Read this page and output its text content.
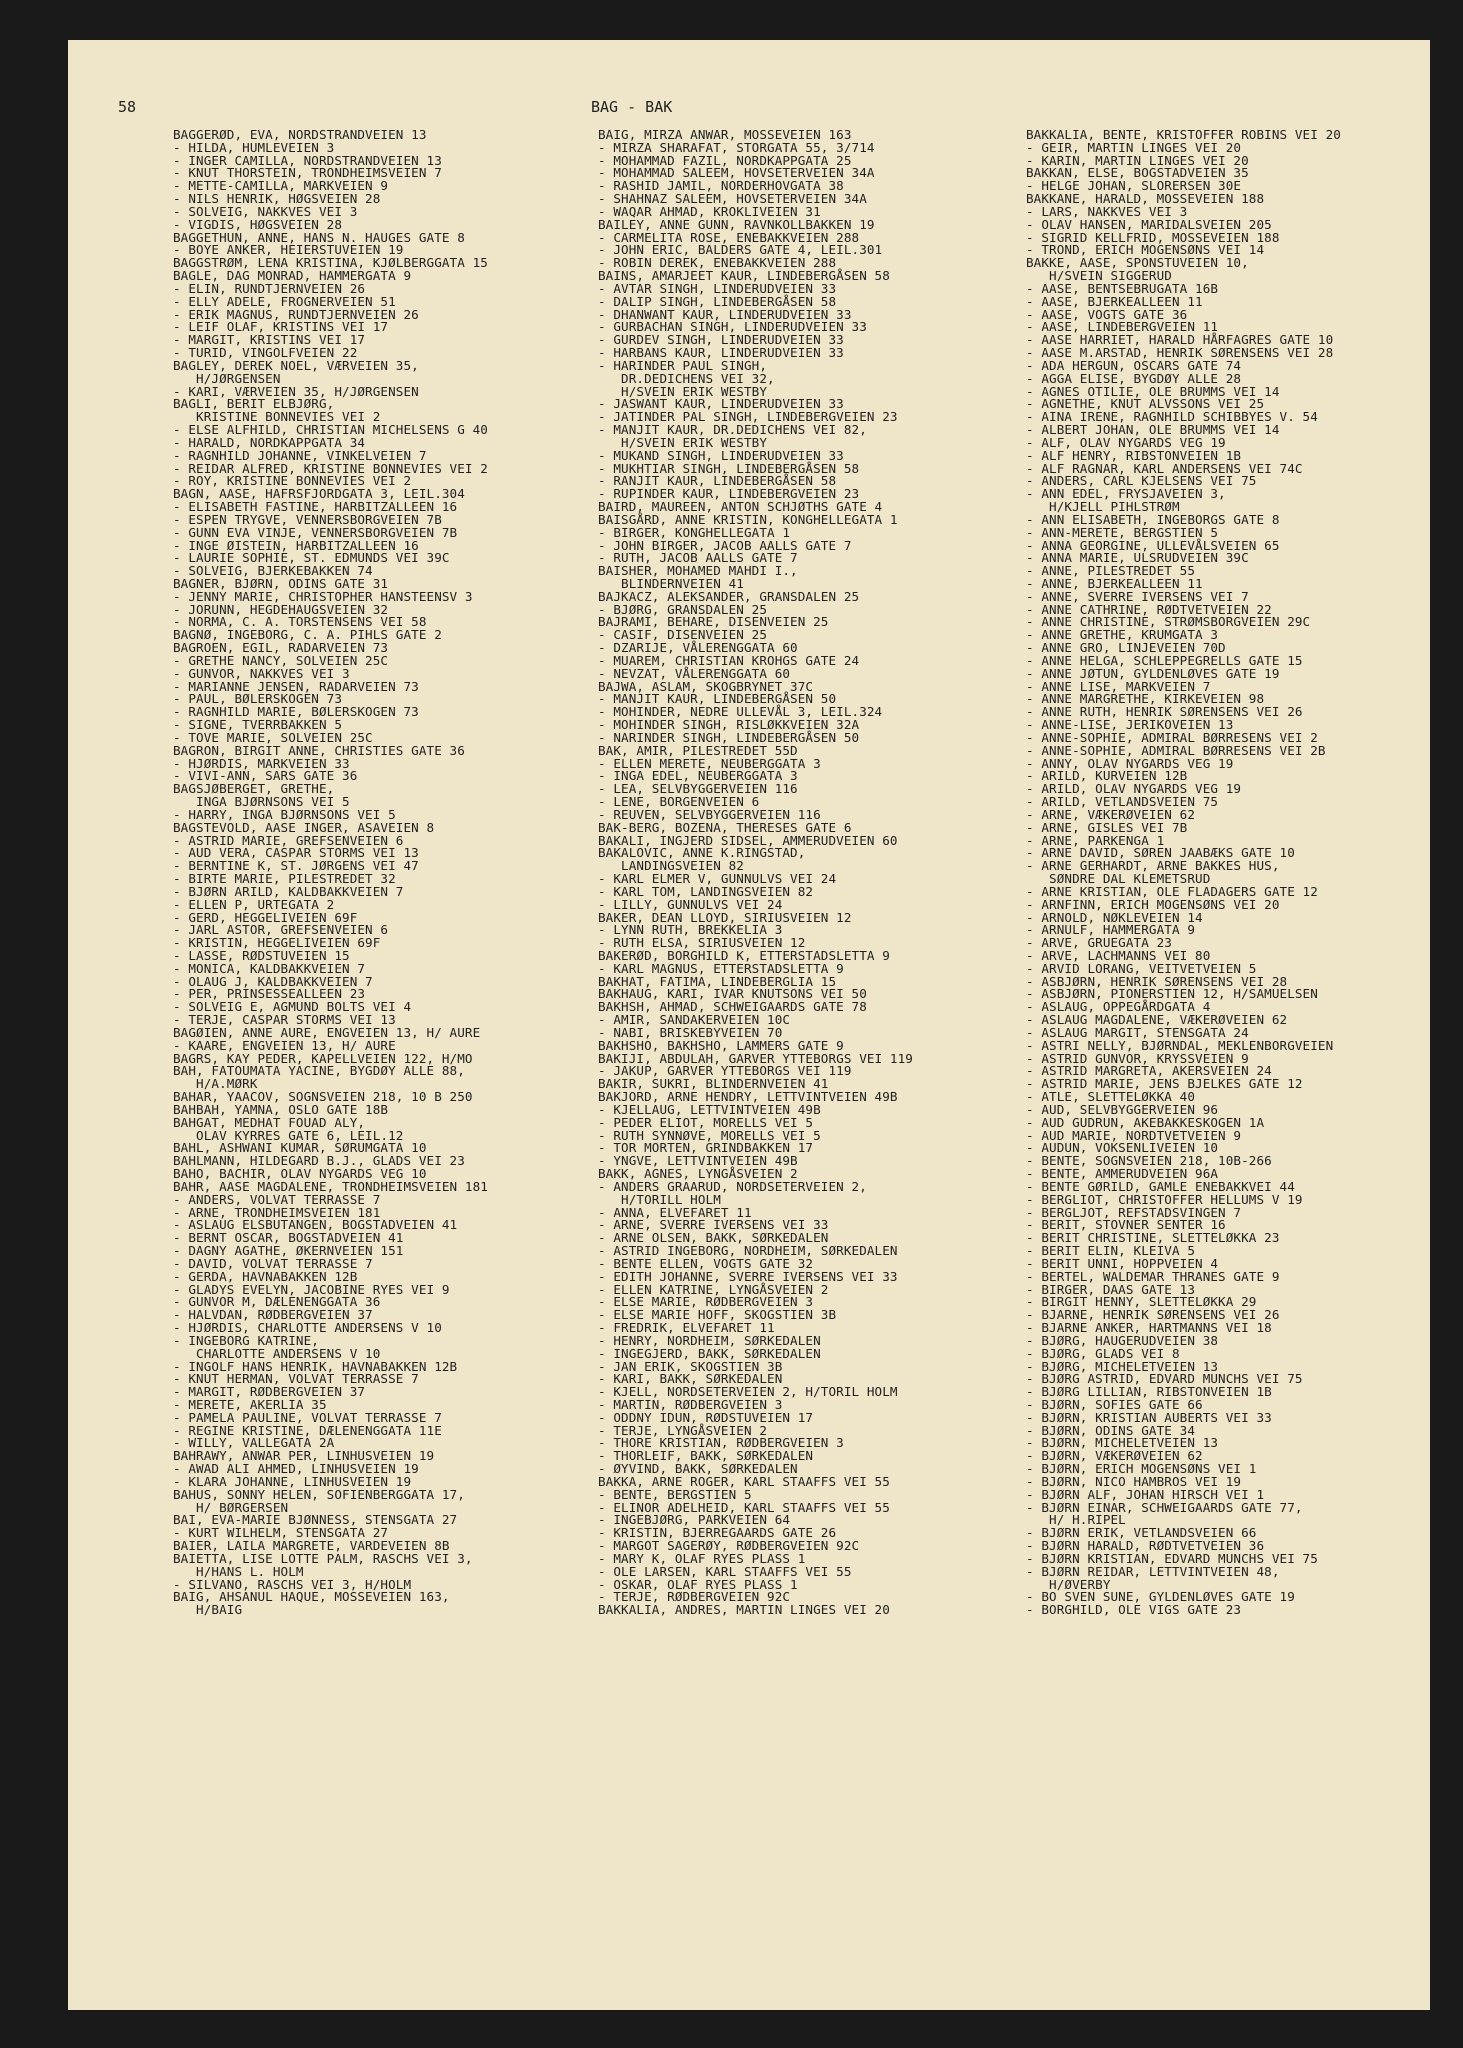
58	BAG - BAK
BAGGERØD, EVA, NORDSTRANDVEIEN 13
- HILDA, HUMLEVEIEN 3
- INGER CAMILLA, NORDSTRANDVEIEN 13
- KNUT THORSTEIN, TRONDHEIMSVEIEN 7
- METTE-CAMILLA, MARKVEIEN 9
- NILS HENRIK, HØGSVEIEN 28
- SOLVEIG, NAKKVES VEI 3
- VIGDIS, HØGSVEIEN 28
BAGGETHUN, ANNE, HANS N. HAUGES GATE 8
- BOYE ANKER, HEIERSTUVEIEN 19
BAGGSTRØM, LENA KRISTINA, KJØLBERGGATA 15
BAGLE, DAG MONRAD, HAMMERGATA 9
- ELIN, RUNDTJERNVEIEN 26
- ELLY ADELE, FROGNERVEIEN 51
- ERIK MAGNUS, RUNDTJERNVEIEN 26
- LEIF OLAF, KRISTINS VEI 17
- MARGIT, KRISTINS VEI 17
- TURID, VINGOLFVEIEN 22
BAGLEY, DEREK NOEL, VÆRVEIEN 35,
H/JØRGENSEN
- KARI, VÆRVEIEN 35, H/JØRGENSEN
BAGLI, BERIT ELBJØRG,
KRISTINE BONNEVIES VEI 2
- ELSE ALFHILD, CHRISTIAN MICHELSENS G 40
- HARALD, NORDKAPPGATA 34
- RAGNHILD JOHANNE, VINKELVEIEN 7
- REIDAR ALFRED, KRISTINE BONNEVIES VEI 2
- ROY, KRISTINE BONNEVIES VEI 2
BAGN, AASE, HAFRSFJORDGATA 3, LEIL.304
- ELISABETH FASTINE, HARBITZALLEEN 16
- ESPEN TRYGVE, VENNERSBORGVEIEN 7B
- GUNN EVA VINJE, VENNERSBORGVEIEN 7B
- INGE ØISTEIN, HARBITZALLEEN 16
- LAURIE SOPHIE, ST. EDMUNDS VEI 39C
- SOLVEIG, BJERKEBAKKEN 74
BAGNER, BJØRN, ODINS GATE 31
- JENNY MARIE, CHRISTOPHER HANSTEENSV 3
- JORUNN, HEGDEHAUGSVEIEN 32
- NORMA, C. A. TORSTENSENS VEI 58
BAGNØ, INGEBORG, C. A. PIHLS GATE 2
BAGROEN, EGIL, RADARVEIEN 73
- GRETHE NANCY, SOLVEIEN 25C
- GUNVOR, NAKKVES VEI 3
- MARIANNE JENSEN, RADARVEIEN 73
- PAUL, BØLERSKOGEN 73
- RAGNHILD MARIE, BØLERSKOGEN 73
- SIGNE, TVERRBAKKEN 5
- TOVE MARIE, SOLVEIEN 25C
BAGRON, BIRGIT ANNE, CHRISTIES GATE 36
- HJØRDIS, MARKVEIEN 33
- VIVI-ANN, SARS GATE 36
BAGSJØBERGET, GRETHE,
INGA BJØRNSONS VEI 5
- HARRY, INGA BJØRNSONS VEI 5
BAGSTEVOLD, AASE INGER, ASAVEIEN 8
- ASTRID MARIE, GREFSENVEIEN 6
- AUD VERA, CASPAR STORMS VEI 13
- BERNTINE K, ST. JØRGENS VEI 47
- BIRTE MARIE, PILESTREDET 32
- BJØRN ARILD, KALDBAKKVEIEN 7
- ELLEN P, URTEGATA 2
- GERD, HEGGELIVEIEN 69F
- JARL ASTOR, GREFSENVEIEN 6
- KRISTIN, HEGGELIVEIEN 69F
- LASSE, RØDSTUVEIEN 15
- MONICA, KALDBAKKVEIEN 7
- OLAUG J, KALDBAKKVEIEN 7
- PER, PRINSESSEALLEEN 23
- SOLVEIG E, AGMUND BOLTS VEI 4
- TERJE, CASPAR STORMS VEI 13
BAGØIEN, ANNE AURE, ENGVEIEN 13, H/ AURE
- KAARE, ENGVEIEN 13, H/ AURE
BAGRS, KAY PEDER, KAPELLVEIEN 122, H/MO
BAH, FATOUMATA YACINE, BYGDØY ALLE 88,
H/A.MØRK
BAHAR, YAACOV, SOGNSVEIEN 218, 10 B 250
BAHBAH, YAMNA, OSLO GATE 18B
BAHGAT, MEDHAT FOUAD ALY,
OLAV KYRRES GATE 6, LEIL.12
BAHL, ASHWANI KUMAR, SØRUMGATA 10
BAHLMANN, HILDEGARD B.J., GLADS VEI 23
BAHO, BACHIR, OLAV NYGARDS VEG 10
BAHR, AASE MAGDALENE, TRONDHEIMSVEIEN 181
- ANDERS, VOLVAT TERRASSE 7
- ARNE, TRONDHEIMSVEIEN 181
- ASLAUG ELSBUTANGEN, BOGSTADVEIEN 41
- BERNT OSCAR, BOGSTADVEIEN 41
- DAGNY AGATHE, ØKERNVEIEN 151
- DAVID, VOLVAT TERRASSE 7
- GERDA, HAVNABAKKEN 12B
- GLADYS EVELYN, JACOBINE RYES VEI 9
- GUNVOR M, DÆLENENGGATA 36
- HALVDAN, RØDBERGVEIEN 37
- HJØRDIS, CHARLOTTE ANDERSENS V 10
- INGEBORG KATRINE,
CHARLOTTE ANDERSENS V 10
- INGOLF HANS HENRIK, HAVNABAKKEN 12B
- KNUT HERMAN, VOLVAT TERRASSE 7
- MARGIT, RØDBERGVEIEN 37
- MERETE, AKERLIA 35
- PAMELA PAULINE, VOLVAT TERRASSE 7
- REGINE KRISTINE, DÆLENENGGATA 11E
- WILLY, VALLEGATA 2A
BAHRAWY, ANWAR PER, LINHUSVEIEN 19
- AWAD ALI AHMED, LINHUSVEIEN 19
- KLARA JOHANNE, LINHUSVEIEN 19
BAHUS, SONNY HELEN, SOFIENBERGGATA 17,
H/ BØRGERSEN
BAI, EVA-MARIE BJØNNESS, STENSGATA 27
- KURT WILHELM, STENSGATA 27
BAIER, LAILA MARGRETE, VARDEVEIEN 8B
BAIETTA, LISE LOTTE PALM, RASCHS VEI 3,
H/HANS L. HOLM
- SILVANO, RASCHS VEI 3, H/HOLM
BAIG, AHSANUL HAQUE, MOSSEVEIEN 163,
H/BAIG
BAIG, MIRZA ANWAR, MOSSEVEIEN 163
- MIRZA SHARAFAT, STORGATA 55, 3/714
- MOHAMMAD FAZIL, NORDKAPPGATA 25
- MOHAMMAD SALEEM, HOVSETERVEIEN 34A
- RASHID JAMIL, NORDERHOVGATA 38
- SHAHNAZ SALEEM, HOVSETERVEIEN 34A
- WAQAR AHMAD, KROKLIVEIEN 31
BAILEY, ANNE GUNN, RAVNKOLLBAKKEN 19
- CARMELITA ROSE, ENEBAKKVEIEN 288
- JOHN ERIC, BALDERS GATE 4, LEIL.301
- ROBIN DEREK, ENEBAKKVEIEN 288
BAINS, AMARJEET KAUR, LINDEBERGÅSEN 58
- AVTAR SINGH, LINDERUDVEIEN 33
- DALIP SINGH, LINDEBERGÅSEN 58
- DHANWANT KAUR, LINDERUDVEIEN 33
- GURBACHAN SINGH, LINDERUDVEIEN 33
- GURDEV SINGH, LINDERUDVEIEN 33
- HARBANS KAUR, LINDERUDVEIEN 33
- HARINDER PAUL SINGH,
DR.DEDICHENS VEI 32,
H/SVEIN ERIK WESTBY
- JASWANT KAUR, LINDERUDVEIEN 33
- JATINDER PAL SINGH, LINDEBERGVEIEN 23
- MANJIT KAUR, DR.DEDICHENS VEI 82,
H/SVEIN ERIK WESTBY
- MUKAND SINGH, LINDERUDVEIEN 33
- MUKHTIAR SINGH, LINDEBERGÅSEN 58
- RANJIT KAUR, LINDEBERGÅSEN 58
- RUPINDER KAUR, LINDEBERGVEIEN 23
BAIRD, MAUREEN, ANTON SCHJØTHS GATE 4
BAISGÅRD, ANNE KRISTIN, KONGHELLEGATA 1
- BIRGER, KONGHELLEGATA 1
- JOHN BIRGER, JACOB AALLS GATE 7
- RUTH, JACOB AALLS GATE 7
BAISHER, MOHAMED MAHDI I.,
BLINDERNVEIEN 41
BAJKACZ, ALEKSANDER, GRANSDALEN 25
- BJØRG, GRANSDALEN 25
BAJRAMI, BEHARE, DISENVEIEN 25
- CASIF, DISENVEIEN 25
- DZARIJE, VÅLERENGGATA 60
- MUAREM, CHRISTIAN KROHGS GATE 24
- NEVZAT, VÅLERENGGATA 60
BAJWA, ASLAM, SKOGBRYNET 37C
- MANJIT KAUR, LINDEBERGÅSEN 50
- MOHINDER, NEDRE ULLEVÅL 3, LEIL.324
- MOHINDER SINGH, RISLØKKVEIEN 32A
- NARINDER SINGH, LINDEBERGÅSEN 50
BAK, AMIR, PILESTREDET 55D
- ELLEN MERETE, NEUBERGGATA 3
- INGA EDEL, NEUBERGGATA 3
- LEA, SELVBYGGERVEIEN 116
- LENE, BORGENVEIEN 6
- REUVEN, SELVBYGGERVEIEN 116
BAK-BERG, BOZENA, THERESES GATE 6
BAKALI, INGJERD SIDSEL, AMMERUDVEIEN 60
BAKALOVIC, ANNE K.RINGSTAD,
LANDINGSVEIEN 82
- KARL ELMER V, GUNNULVS VEI 24
- KARL TOM, LANDINGSVEIEN 82
- LILLY, GUNNULVS VEI 24
BAKER, DEAN LLOYD, SIRIUSVEIEN 12
- LYNN RUTH, BREKKELIA 3
- RUTH ELSA, SIRIUSVEIEN 12
BAKERØD, BORGHILD K, ETTERSTADSLETTA 9
- KARL MAGNUS, ETTERSTADSLETTA 9
BAKHAT, FATIMA, LINDEBERGLIA 15
BAKHAUG, KARI, IVAR KNUTSONS VEI 50
BAKHSH, AHMAD, SCHWEIGAARDS GATE 78
- AMIR, SANDAKERVEIEN 10C
- NABI, BRISKEBYVEIEN 70
BAKHSHO, BAKHSHO, LAMMERS GATE 9
BAKIJI, ABDULAH, GARVER YTTEBORGS VEI 119
- JAKUP, GARVER YTTEBORGS VEI 119
BAKIR, SUKRI, BLINDERNVEIEN 41
BAKJORD, ARNE HENDRY, LETTVINTVEIEN 49B
- KJELLAUG, LETTVINTVEIEN 49B
- PEDER ELIOT, MORELLS VEI 5
- RUTH SYNNØVE, MORELLS VEI 5
- TOR MORTEN, GRINDBAKKEN 17
- YNGVE, LETTVINTVEIEN 49B
BAKK, AGNES, LYNGÅSVEIEN 2
- ANDERS GRAARUD, NORDSETERVEIEN 2,
H/TORILL HOLM
- ANNA, ELVEFARET 11
- ARNE, SVERRE IVERSENS VEI 33
- ARNE OLSEN, BAKK, SØRKEDALEN
- ASTRID INGEBORG, NORDHEIM, SØRKEDALEN
- BENTE ELLEN, VOGTS GATE 32
- EDITH JOHANNE, SVERRE IVERSENS VEI 33
- ELLEN KATRINE, LYNGÅSVEIEN 2
- ELSE MARIE, RØDBERGVEIEN 3
- ELSE MARIE HOFF, SKOGSTIEN 3B
- FREDRIK, ELVEFARET 11
- HENRY, NORDHEIM, SØRKEDALEN
- INGEGJERD, BAKK, SØRKEDALEN
- JAN ERIK, SKOGSTIEN 3B
- KARI, BAKK, SØRKEDALEN
- KJELL, NORDSETERVEIEN 2, H/TORIL HOLM
- MARTIN, RØDBERGVEIEN 3
- ODDNY IDUN, RØDSTUVEIEN 17
- TERJE, LYNGÅSVEIEN 2
- THORE KRISTIAN, RØDBERGVEIEN 3
- THORLEIF, BAKK, SØRKEDALEN
- ØYVIND, BAKK, SØRKEDALEN
BAKKA, ARNE ROGER, KARL STAAFFS VEI 55
- BENTE, BERGSTIEN 5
- ELINOR ADELHEID, KARL STAAFFS VEI 55
- INGEBJØRG, PARKVEIEN 64
- KRISTIN, BJERREGAARDS GATE 26
- MARGOT SAGERØY, RØDBERGVEIEN 92C
- MARY K, OLAF RYES PLASS 1
- OLE LARSEN, KARL STAAFFS VEI 55
- OSKAR, OLAF RYES PLASS 1
- TERJE, RØDBERGVEIEN 92C
BAKKALIA, ANDRES, MARTIN LINGES VEI 20
BAKKALIA, BENTE, KRISTOFFER ROBINS VEI 20
- GEIR, MARTIN LINGES VEI 20
- KARIN, MARTIN LINGES VEI 20
BAKKAN, ELSE, BOGSTADVEIEN 35
- HELGE JOHAN, SLORERSEN 30E
BAKKANE, HARALD, MOSSEVEIEN 188
- LARS, NAKKVES VEI 3
- OLAV HANSEN, MARIDALSVEIEN 205
- SIGRID KELLFRID, MOSSEVEIEN 188
- TROND, ERICH MOGENSØNS VEI 14
BAKKE, AASE, SPONSTUVEIEN 10,
H/SVEIN SIGGERUD
- AASE, BENTSEBRUGATA 16B
- AASE, BJERKEALLEEN 11
- AASE, VOGTS GATE 36
- AASE, LINDEBERGVEIEN 11
- AASE HARRIET, HARALD HÅRFAGRES GATE 10
- AASE M.ARSTAD, HENRIK SØRENSENS VEI 28
- ADA HERGUN, OSCARS GATE 74
- AGGA ELISE, BYGDØY ALLE 28
- AGNES OTILIE, OLE BRUMMS VEI 14
- AGNETHE, KNUT ALVSSONS VEI 25
- AINA IRENE, RAGNHILD SCHIBBYES V. 54
- ALBERT JOHAN, OLE BRUMMS VEI 14
- ALF, OLAV NYGARDS VEG 19
- ALF HENRY, RIBSTONVEIEN 1B
- ALF RAGNAR, KARL ANDERSENS VEI 74C
- ANDERS, CARL KJELSENS VEI 75
- ANN EDEL, FRYSJAVEIEN 3,
H/KJELL PIHLSTRØM
- ANN ELISABETH, INGEBORGS GATE 8
- ANN-MERETE, BERGSTIEN 5
- ANNA GEORGINE, ULLEVÅLSVEIEN 65
- ANNA MARIE, ULSRUDVEIEN 39C
- ANNE, PILESTREDET 55
- ANNE, BJERKEALLEEN 11
- ANNE, SVERRE IVERSENS VEI 7
- ANNE CATHRINE, RØDTVETVEIEN 22
- ANNE CHRISTINE, STRØMSBORGVEIEN 29C
- ANNE GRETHE, KRUMGATA 3
- ANNE GRO, LINJEVEIEN 70D
- ANNE HELGA, SCHLEPPEGRELLS GATE 15
- ANNE JØTUN, GYLDENLØVES GATE 19
- ANNE LISE, MARKVEIEN 7
- ANNE MARGRETHE, KIRKEVEIEN 98
- ANNE RUTH, HENRIK SØRENSENS VEI 26
- ANNE-LISE, JERIKOVEIEN 13
- ANNE-SOPHIE, ADMIRAL BØRRESENS VEI 2
- ANNE-SOPHIE, ADMIRAL BØRRESENS VEI 2B
- ANNY, OLAV NYGARDS VEG 19
- ARILD, KURVEIEN 12B
- ARILD, OLAV NYGARDS VEG 19
- ARILD, VETLANDSVEIEN 75
- ARNE, VÆKERØVEIEN 62
- ARNE, GISLES VEI 7B
- ARNE, PARKENGA 1
- ARNE DAVID, SØREN JAABÆKS GATE 10
- ARNE GERHARDT, ARNE BAKKES HUS,
SØNDRE DAL KLEMETSRUD
- ARNE KRISTIAN, OLE FLADAGERS GATE 12
- ARNFINN, ERICH MOGENSØNS VEI 20
- ARNOLD, NØKLEVEIEN 14
- ARNULF, HAMMERGATA 9
- ARVE, GRUEGATA 23
- ARVE, LACHMANNS VEI 80
- ARVID LORANG, VEITVETVEIEN 5
- ASBJØRN, HENRIK SØRENSENS VEI 28
- ASBJØRN, PIONERSTIEN 12, H/SAMUELSEN
- ASLAUG, OPPEGÅRDGATA 4
- ASLAUG MAGDALENE, VÆKERØVEIEN 62
- ASLAUG MARGIT, STENSGATA 24
- ASTRI NELLY, BJØRNDAL, MEKLENBORGVEIEN
- ASTRID GUNVOR, KRYSSVEIEN 9
- ASTRID MARGRETA, AKERSVEIEN 24
- ASTRID MARIE, JENS BJELKES GATE 12
- ATLE, SLETTELØKKA 40
- AUD, SELVBYGGERVEIEN 96
- AUD GUDRUN, AKEBAKKESKOGEN 1A
- AUD MARIE, NORDTVETVEIEN 9
- AUDUN, VOKSENLIVEIEN 10
- BENTE, SOGNSVEIEN 218, 10B-266
- BENTE, AMMERUDVEIEN 96A
- BENTE GØRILD, GAMLE ENEBAKKVEI 44
- BERGLIOT, CHRISTOFFER HELLUMS V 19
- BERGLJOT, REFSTADSVINGEN 7
- BERIT, STOVNER SENTER 16
- BERIT CHRISTINE, SLETTELØKKA 23
- BERIT ELIN, KLEIVA 5
- BERIT UNNI, HOPPVEIEN 4
- BERTEL, WALDEMAR THRANES GATE 9
- BIRGER, DAAS GATE 13
- BIRGIT HENNY, SLETTELØKKA 29
- BJARNE, HENRIK SØRENSENS VEI 26
- BJARNE ANKER, HARTMANNS VEI 18
- BJØRG, HAUGERUDVEIEN 38
- BJØRG, GLADS VEI 8
- BJØRG, MICHELETVEIEN 13
- BJØRG ASTRID, EDVARD MUNCHS VEI 75
- BJØRG LILLIAN, RIBSTONVEIEN 1B
- BJØRN, SOFIES GATE 66
- BJØRN, KRISTIAN AUBERTS VEI 33
- BJØRN, ODINS GATE 34
- BJØRN, MICHELETVEIEN 13
- BJØRN, VÆKERØVEIEN 62
- BJØRN, ERICH MOGENSØNS VEI 1
- BJØRN, NICO HAMBROS VEI 19
- BJØRN ALF, JOHAN HIRSCH VEI 1
- BJØRN EINAR, SCHWEIGAARDS GATE 77,
H/ H.RIPEL
- BJØRN ERIK, VETLANDSVEIEN 66
- BJØRN HARALD, RØDTVETVEIEN 36
- BJØRN KRISTIAN, EDVARD MUNCHS VEI 75
- BJØRN REIDAR, LETTVINTVEIEN 48,
H/ØVERBY
- BO SVEN SUNE, GYLDENLØVES GATE 19
- BORGHILD, OLE VIGS GATE 23
